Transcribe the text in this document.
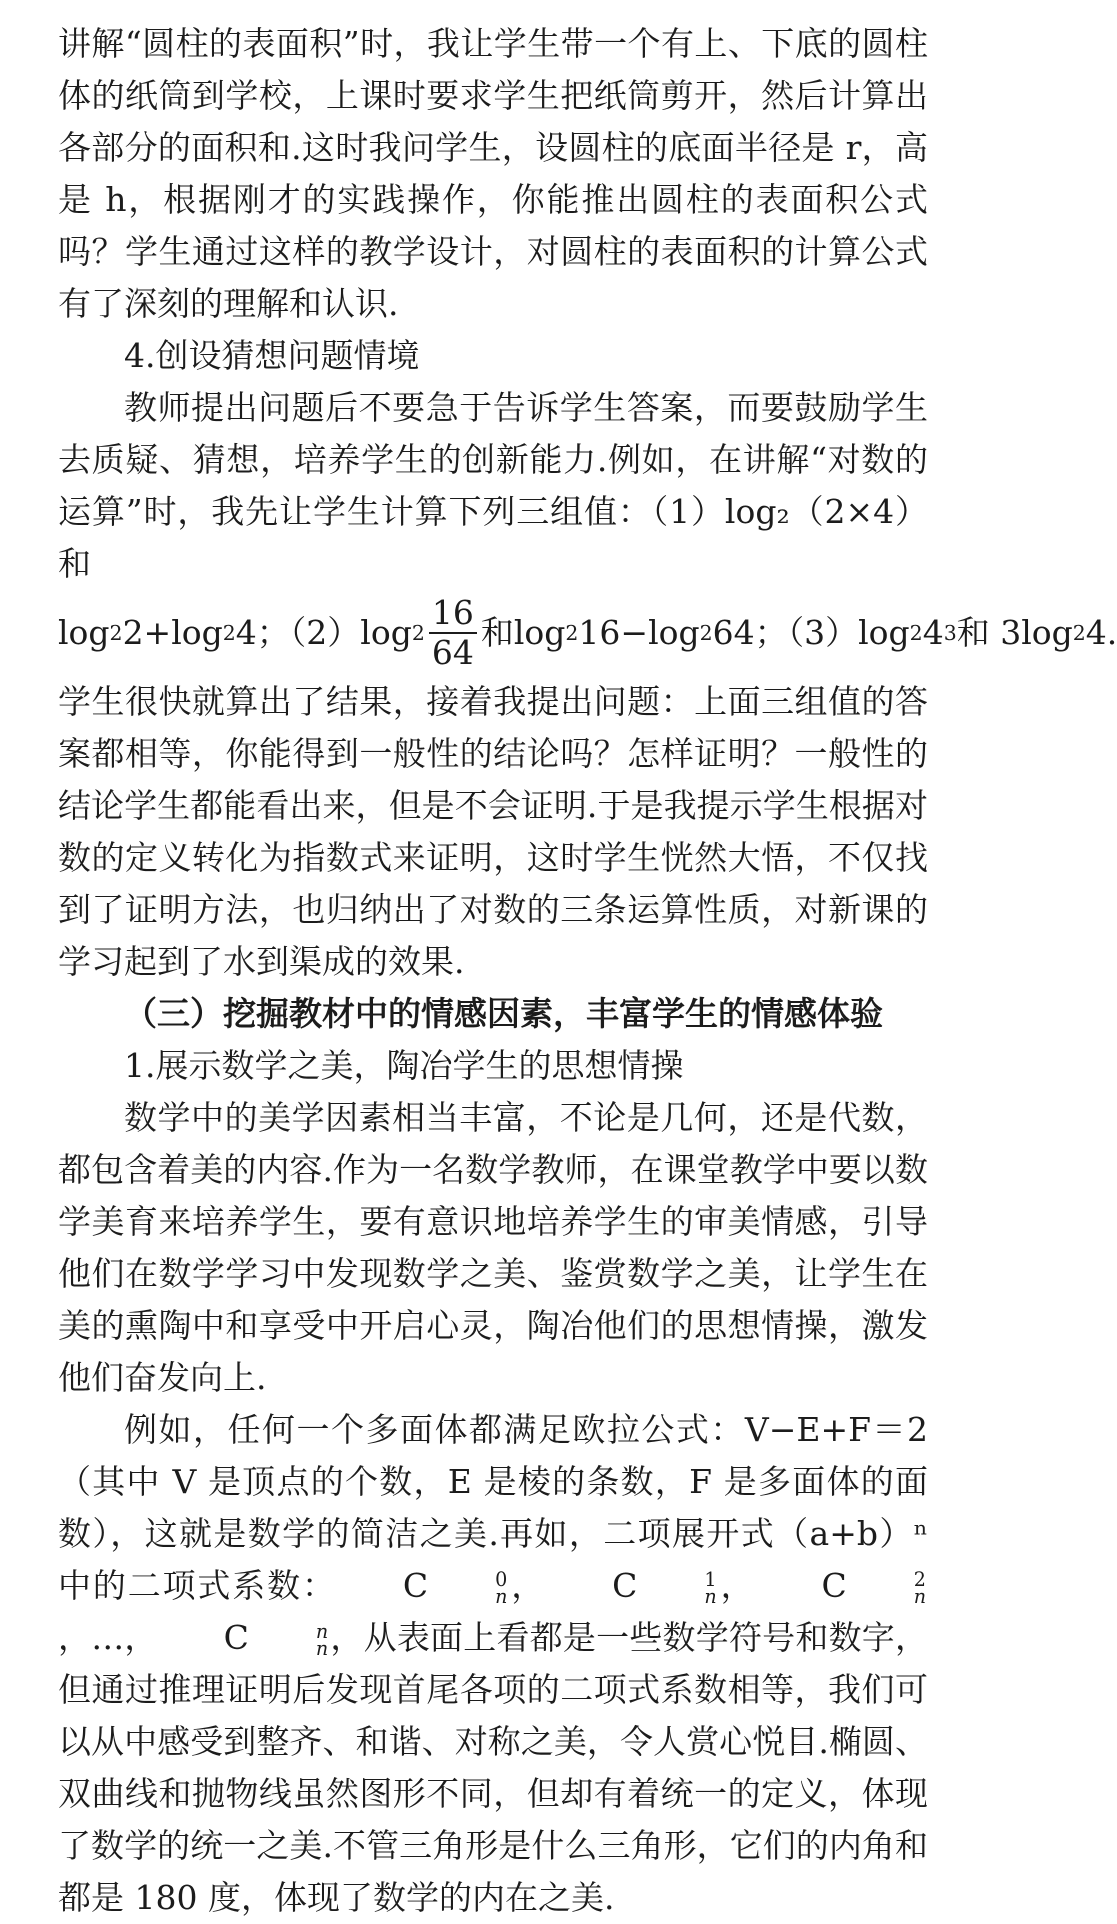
讲解“圆柱的表面积”时，我让学生带一个有上、下底的圆柱体的纸筒到学校，上课时要求学生把纸筒剪开，然后计算出各部分的面积和.这时我问学生，设圆柱的底面半径是 r，高是 h，根据刚才的实践操作，你能推出圆柱的表面积公式吗？学生通过这样的教学设计，对圆柱的表面积的计算公式有了深刻的理解和认识.

4.创设猜想问题情境

教师提出问题后不要急于告诉学生答案，而要鼓励学生去质疑、猜想，培养学生的创新能力.例如，在讲解“对数的运算”时，我先让学生计算下列三组值：（1）log₂（2×4）和

log 2 2+ log 2 4；（2） $\log 2 \frac{16}{64}$ 和 log 2 16− log 2 64；（3） log 2 4 3 和 3 log 2 4.

学生很快就算出了结果，接着我提出问题：上面三组值的答案都相等，你能得到一般性的结论吗？怎样证明？一般性的结论学生都能看出来，但是不会证明.于是我提示学生根据对数的定义转化为指数式来证明，这时学生恍然大悟，不仅找到了证明方法，也归纳出了对数的三条运算性质，对新课的学习起到了水到渠成的效果.

（三）挖掘教材中的情感因素，丰富学生的情感体验

1.展示数学之美，陶冶学生的思想情操

数学中的美学因素相当丰富，不论是几何，还是代数，都包含着美的内容.作为一名数学教师，在课堂教学中要以数学美育来培养学生，要有意识地培养学生的审美情感，引导他们在数学学习中发现数学之美、鉴赏数学之美，让学生在美的熏陶中和享受中开启心灵，陶冶他们的思想情操，激发他们奋发向上.

例如，任何一个多面体都满足欧拉公式：V−E+F＝2（其中 V 是顶点的个数，E 是棱的条数，F 是多面体的面数），这就是数学的简洁之美.再如，二项展开式（a+b）ⁿ 中的二项式系数： C	0
n ， C	1
n ， C	2
n
，…， C	n
n ，从表面上看都是一些数学符号和数字，但通过推理证明后发现首尾各项的二项式系数相等，我们可以从中感受到整齐、和谐、对称之美，令人赏心悦目.椭圆、双曲线和抛物线虽然图形不同，但却有着统一的定义，体现了数学的统一之美.不管三角形是什么三角形，它们的内角和都是 180 度，体现了数学的内在之美.
